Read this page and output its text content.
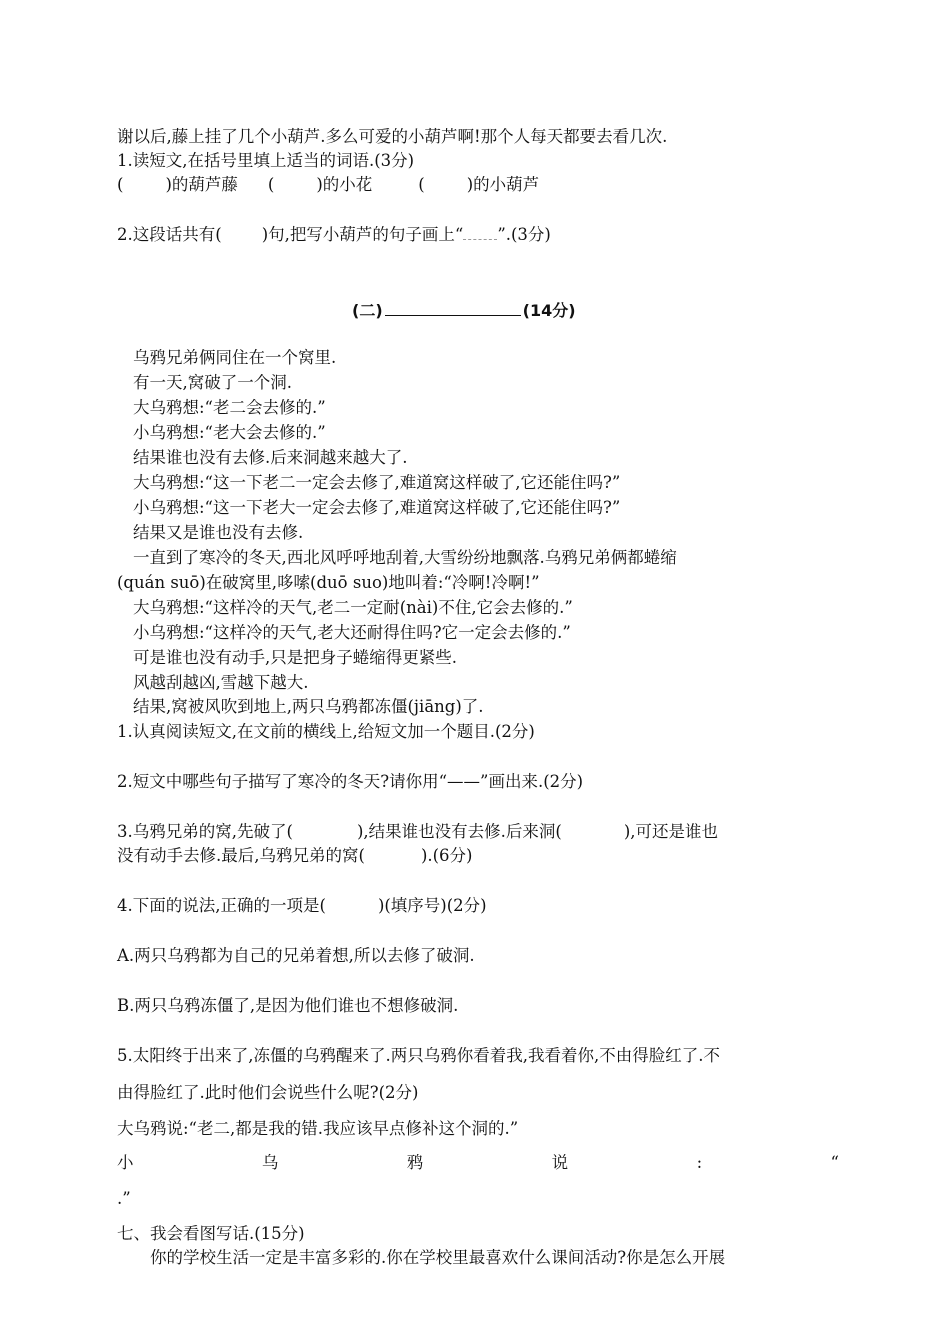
谢以后,藤上挂了几个小葫芦.多么可爱的小葫芦啊!那个人每天都要去看几次.
1.读短文,在括号里填上适当的词语.(3分)
(	)的葫芦藤 (	)的小花	(	)的小葫芦
2.这段话共有( )句,把写小葫芦的句子画上“ ”.(3分)
(二)	(14分)
乌鸦兄弟俩同住在一个窝里.
有一天,窝破了一个洞.
大乌鸦想:“老二会去修的.”
小乌鸦想:“老大会去修的.”
结果谁也没有去修.后来洞越来越大了.
大乌鸦想:“这一下老二一定会去修了,难道窝这样破了,它还能住吗?”
小乌鸦想:“这一下老大一定会去修了,难道窝这样破了,它还能住吗?”
结果又是谁也没有去修.
一直到了寒冷的冬天,西北风呼呼地刮着,大雪纷纷地飘落.乌鸦兄弟俩都蜷缩
(quán suō)在破窝里,哆嗦(duō suo)地叫着:“冷啊!冷啊!”
大乌鸦想:“这样冷的天气,老二一定耐(nài)不住,它会去修的.”
小乌鸦想:“这样冷的天气,老大还耐得住吗?它一定会去修的.”
可是谁也没有动手,只是把身子蜷缩得更紧些.
风越刮越凶,雪越下越大.
结果,窝被风吹到地上,两只乌鸦都冻僵(jiāng)了.
1.认真阅读短文,在文前的横线上,给短文加一个题目.(2分)
2.短文中哪些句子描写了寒冷的冬天?请你用“——”画出来.(2分)
3.乌鸦兄弟的窝,先破了(	),结果谁也没有去修.后来洞(	),可还是谁也
没有动手去修.最后,乌鸦兄弟的窝(	).(6分)
4.下面的说法,正确的一项是(	)(填序号)(2分)
A.两只乌鸦都为自己的兄弟着想,所以去修了破洞.
B.两只乌鸦冻僵了,是因为他们谁也不想修破洞.
5.太阳终于出来了,冻僵的乌鸦醒来了.两只乌鸦你看着我,我看着你,不由得脸红了.不
由得脸红了.此时他们会说些什么呢?(2分)
大乌鸦说:“老二,都是我的错.我应该早点修补这个洞的.”
小	乌	鸦	说	:	“
.”
七、我会看图写话.(15分)
你的学校生活一定是丰富多彩的.你在学校里最喜欢什么课间活动?你是怎么开展
